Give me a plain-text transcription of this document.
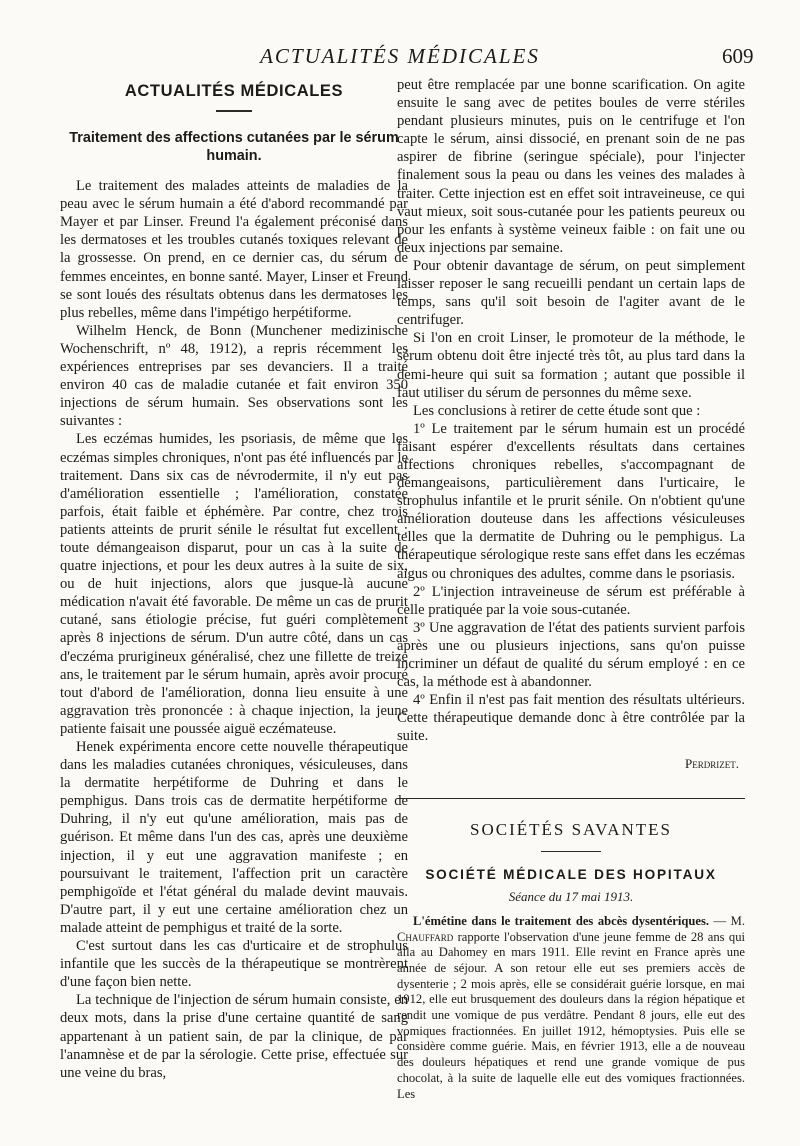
ACTUALITÉS MÉDICALES	609
ACTUALITÉS MÉDICALES
Traitement des affections cutanées par le sérum humain.

Le traitement des malades atteints de maladies de la peau avec le sérum humain a été d'abord recommandé par Mayer et par Linser. Freund l'a également préconisé dans les dermatoses et les troubles cutanés toxiques relevant de la grossesse. On prend, en ce dernier cas, du sérum de femmes enceintes, en bonne santé. Mayer, Linser et Freund se sont loués des résultats obtenus dans les dermatoses les plus rebelles, même dans l'impétigo herpétiforme.

Wilhelm Henck, de Bonn (Munchener medizinische Wochenschrift, nº 48, 1912), a repris récemment les expériences entreprises par ses devanciers. Il a traité environ 40 cas de maladie cutanée et fait environ 350 injections de sérum humain. Ses observations sont les suivantes :

Les eczémas humides, les psoriasis, de même que les eczémas simples chroniques, n'ont pas été influencés par le traitement. Dans six cas de névrodermite, il n'y eut pas d'amélioration essentielle ; l'amélioration, constatée parfois, était faible et éphémère. Par contre, chez trois patients atteints de prurit sénile le résultat fut excellent : toute démangeaison disparut, pour un cas à la suite de quatre injections, et pour les deux autres à la suite de six, ou de huit injections, alors que jusque-là aucune médication n'avait été favorable. De même un cas de prurit cutané, sans étiologie précise, fut guéri complètement après 8 injections de sérum. D'un autre côté, dans un cas d'eczéma prurigineux généralisé, chez une fillette de treize ans, le traitement par le sérum humain, après avoir procuré tout d'abord de l'amélioration, donna lieu ensuite à une aggravation très prononcée : à chaque injection, la jeune patiente faisait une poussée aiguë eczémateuse.

Henek expérimenta encore cette nouvelle thérapeutique dans les maladies cutanées chroniques, vésiculeuses, dans la dermatite herpétiforme de Duhring et dans le pemphigus. Dans trois cas de dermatite herpétiforme de Duhring, il n'y eut qu'une amélioration, mais pas de guérison. Et même dans l'un des cas, après une deuxième injection, il y eut une aggravation manifeste ; en poursuivant le traitement, l'affection prit un caractère pemphigoïde et l'état général du malade devint mauvais. D'autre part, il y eut une certaine amélioration chez un malade atteint de pemphigus et traité de la sorte.

C'est surtout dans les cas d'urticaire et de strophulus infantile que les succès de la thérapeutique se montrèrent d'une façon bien nette.

La technique de l'injection de sérum humain consiste, en deux mots, dans la prise d'une certaine quantité de sang appartenant à un patient sain, de par la clinique, de par l'anamnèse et de par la sérologie. Cette prise, effectuée sur une veine du bras,

peut être remplacée par une bonne scarification. On agite ensuite le sang avec de petites boules de verre stériles pendant plusieurs minutes, puis on le centrifuge et l'on capte le sérum, ainsi dissocié, en prenant soin de ne pas aspirer de fibrine (seringue spéciale), pour l'injecter finalement sous la peau ou dans les veines des malades à traiter. Cette injection est en effet soit intraveineuse, ce qui vaut mieux, soit sous-cutanée pour les patients peureux ou pour les enfants à système veineux faible : on fait une ou deux injections par semaine.

Pour obtenir davantage de sérum, on peut simplement laisser reposer le sang recueilli pendant un certain laps de temps, sans qu'il soit besoin de l'agiter avant de le centrifuger.

Si l'on en croit Linser, le promoteur de la méthode, le sérum obtenu doit être injecté très tôt, au plus tard dans la demi-heure qui suit sa formation ; autant que possible il faut utiliser du sérum de personnes du même sexe.

Les conclusions à retirer de cette étude sont que :

1º Le traitement par le sérum humain est un procédé faisant espérer d'excellents résultats dans certaines affections chroniques rebelles, s'accompagnant de démangeaisons, particulièrement dans l'urticaire, le strophulus infantile et le prurit sénile. On n'obtient qu'une amélioration douteuse dans les affections vésiculeuses telles que la dermatite de Duhring ou le pemphigus. La thérapeutique sérologique reste sans effet dans les eczémas aigus ou chroniques des adultes, comme dans le psoriasis.

2º L'injection intraveineuse de sérum est préférable à celle pratiquée par la voie sous-cutanée.

3º Une aggravation de l'état des patients survient parfois après une ou plusieurs injections, sans qu'on puisse incriminer un défaut de qualité du sérum employé : en ce cas, la méthode est à abandonner.

4º Enfin il n'est pas fait mention des résultats ultérieurs. Cette thérapeutique demande donc à être contrôlée par la suite.

Perdrizet.
SOCIÉTÉS SAVANTES
SOCIÉTÉ MÉDICALE DES HOPITAUX
Séance du 17 mai 1913.

L'émétine dans le traitement des abcès dysentériques. — M. Chauffard rapporte l'observation d'une jeune femme de 28 ans qui alla au Dahomey en mars 1911. Elle revint en France après une année de séjour. A son retour elle eut ses premiers accès de dysenterie ; 2 mois après, elle se considérait guérie lorsque, en mai 1912, elle eut brusquement des douleurs dans la région hépatique et rendit une vomique de pus verdâtre. Pendant 8 jours, elle eut des vomiques fractionnées. En juillet 1912, hémoptysies. Puis elle se considère comme guérie. Mais, en février 1913, elle a de nouveau des douleurs hépatiques et rend une grande vomique de pus chocolat, à la suite de laquelle elle eut des vomiques fractionnées. Les
